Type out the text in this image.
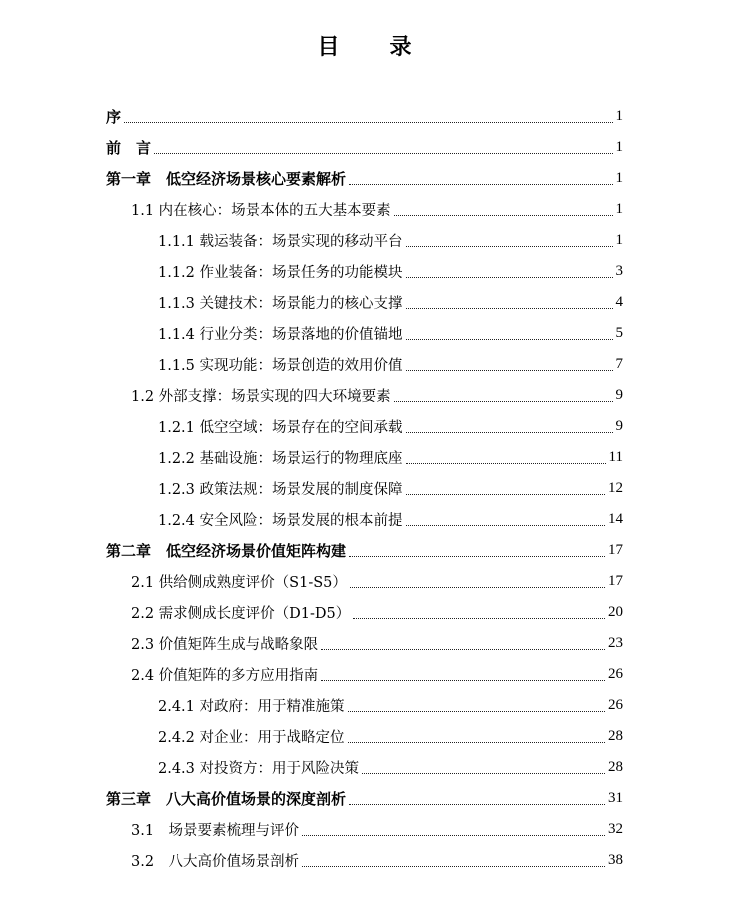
目　录
序	1
前　言	1
第一章　低空经济场景核心要素解析	1
1.1 内在核心：场景本体的五大基本要素	1
1.1.1 载运装备：场景实现的移动平台	1
1.1.2 作业装备：场景任务的功能模块	3
1.1.3 关键技术：场景能力的核心支撑	4
1.1.4 行业分类：场景落地的价值锚地	5
1.1.5 实现功能：场景创造的效用价值	7
1.2 外部支撑：场景实现的四大环境要素	9
1.2.1 低空空域：场景存在的空间承载	9
1.2.2 基础设施：场景运行的物理底座	11
1.2.3 政策法规：场景发展的制度保障	12
1.2.4 安全风险：场景发展的根本前提	14
第二章　低空经济场景价值矩阵构建	17
2.1 供给侧成熟度评价（S1-S5）	17
2.2 需求侧成长度评价（D1-D5）	20
2.3 价值矩阵生成与战略象限	23
2.4 价值矩阵的多方应用指南	26
2.4.1 对政府：用于精准施策	26
2.4.2 对企业：用于战略定位	28
2.4.3 对投资方：用于风险决策	28
第三章　八大高价值场景的深度剖析	31
3.1　场景要素梳理与评价	32
3.2　八大高价值场景剖析	38
